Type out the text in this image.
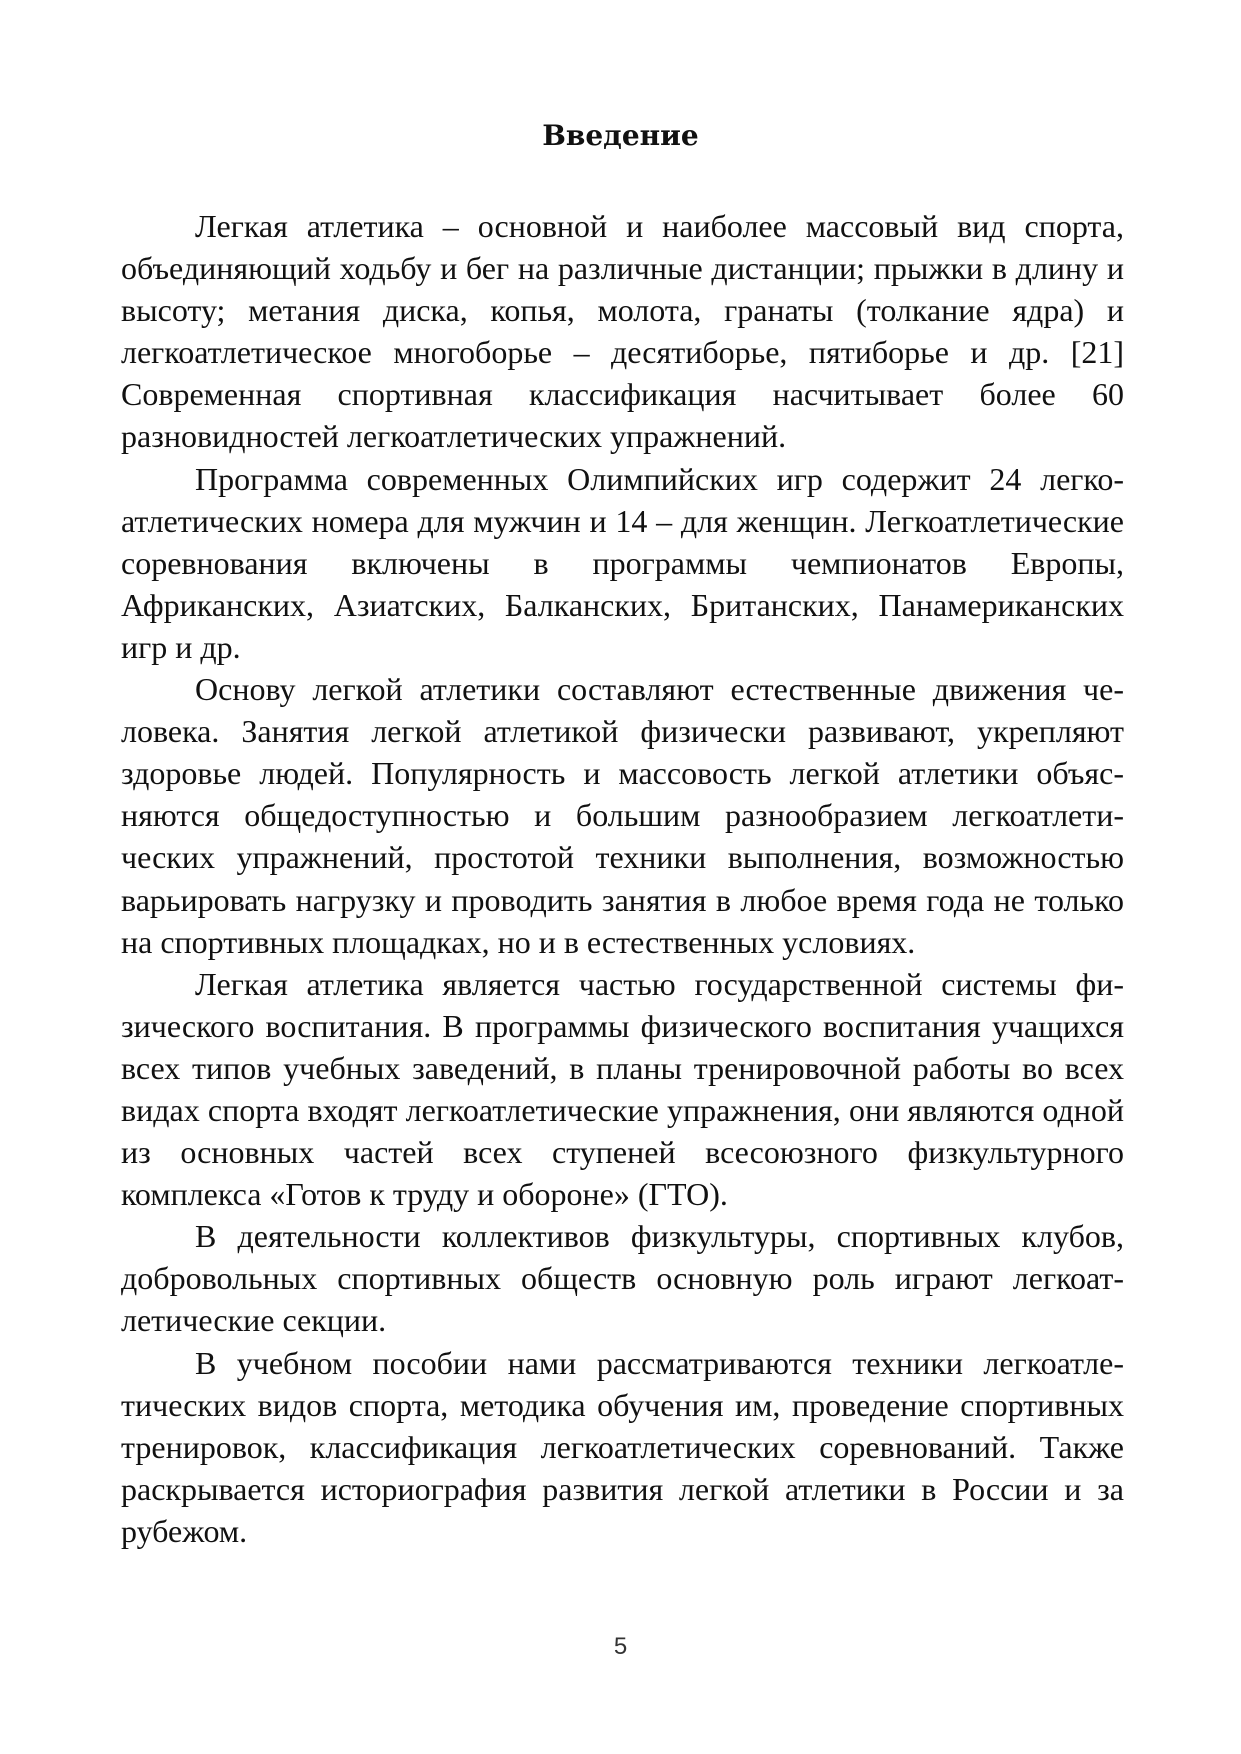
Введение

Легкая атлетика – основной и наиболее массовый вид спорта, объединяющий ходьбу и бег на различные дистанции; прыжки в длину и высоту; метания диска, копья, молота, гранаты (толкание ядра) и легкоатлетическое многоборье – десятиборье, пятиборье и др. [21] Современная спортивная классификация насчитывает более 60 разновидностей легкоатлетических упражнений.

Программа современных Олимпийских игр содержит 24 легкоатлетических номера для мужчин и 14 – для женщин. Легкоатлетические соревнования включены в программы чемпионатов Европы, Африканских, Азиатских, Балканских, Британских, Панамериканских игр и др.

Основу легкой атлетики составляют естественные движения человека. Занятия легкой атлетикой физически развивают, укрепляют здоровье людей. Популярность и массовость легкой атлетики объясняются общедоступностью и большим разнообразием легкоатлетических упражнений, простотой техники выполнения, возможностью варьировать нагрузку и проводить занятия в любое время года не только на спортивных площадках, но и в естественных условиях.

Легкая атлетика является частью государственной системы физического воспитания. В программы физического воспитания учащихся всех типов учебных заведений, в планы тренировочной работы во всех видах спорта входят легкоатлетические упражнения, они являются одной из основных частей всех ступеней всесоюзного физкультурного комплекса «Готов к труду и обороне» (ГТО).

В деятельности коллективов физкультуры, спортивных клубов, добровольных спортивных обществ основную роль играют легкоатлетические секции.

В учебном пособии нами рассматриваются техники легкоатлетических видов спорта, методика обучения им, проведение спортивных тренировок, классификация легкоатлетических соревнований. Также раскрывается историография развития легкой атлетики в России и за рубежом.

5
